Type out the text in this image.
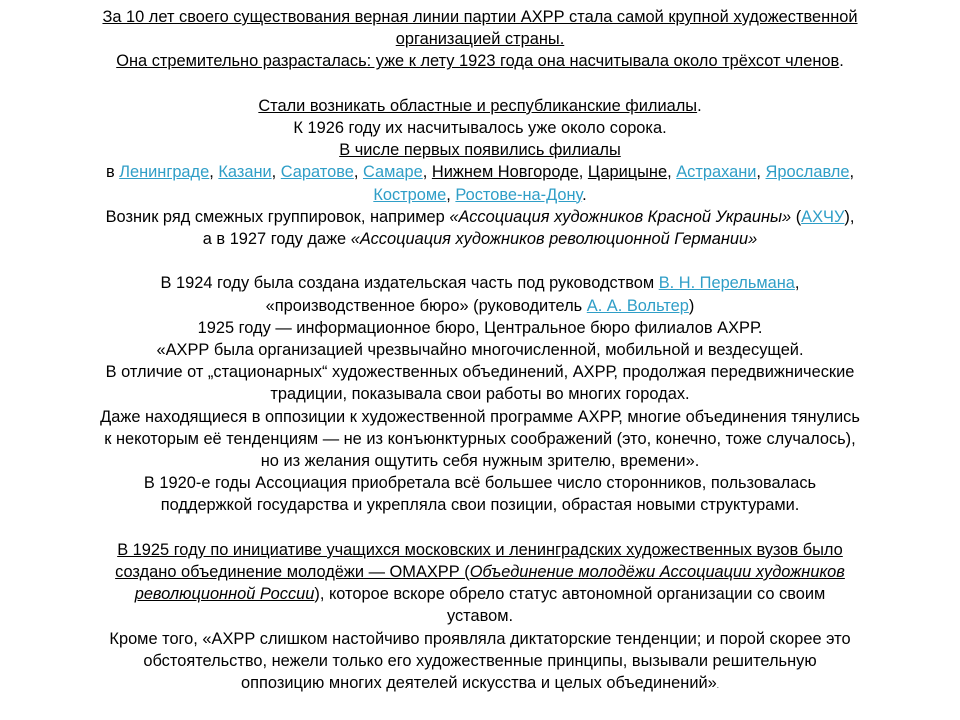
За 10 лет своего существования верная линии партии АХРР стала самой крупной художественной
организацией страны.
Она стремительно разрасталась: уже к лету 1923 года она насчитывала около трёхсот членов.
Стали возникать областные и республиканские филиалы.
К 1926 году их насчитывалось уже около сорока.
В числе первых появились филиалы
в Ленинграде, Казани, Саратове, Самаре, Нижнем Новгороде, Царицыне, Астрахани, Ярославле,
Костроме, Ростове-на-Дону.
Возник ряд смежных группировок, например «Ассоциация художников Красной Украины» (АХЧУ),
а в 1927 году даже «Ассоциация художников революционной Германии»
В 1924 году была создана издательская часть под руководством В. Н. Перельмана,
«производственное бюро» (руководитель А. А. Вольтер)
1925 году — информационное бюро, Центральное бюро филиалов АХРР.
«АХРР была организацией чрезвычайно многочисленной, мобильной и вездесущей.
В отличие от „стационарных“ художественных объединений, АХРР, продолжая передвижнические
традиции, показывала свои работы во многих городах.
Даже находящиеся в оппозиции к художественной программе АХРР, многие объединения тянулись
к некоторым её тенденциям — не из конъюнктурных соображений (это, конечно, тоже случалось),
но из желания ощутить себя нужным зрителю, времени».
В 1920-е годы Ассоциация приобретала всё большее число сторонников, пользовалась
поддержкой государства и укрепляла свои позиции, обрастая новыми структурами.
В 1925 году по инициативе учащихся московских и ленинградских художественных вузов было
создано объединение молодёжи — ОМАХРР (Объединение молодёжи Ассоциации художников
революционной России), которое вскоре обрело статус автономной организации со своим
уставом.
Кроме того, «АХРР слишком настойчиво проявляла диктаторские тенденции; и порой скорее это
обстоятельство, нежели только его художественные принципы, вызывали решительную
оппозицию многих деятелей искусства и целых объединений».
